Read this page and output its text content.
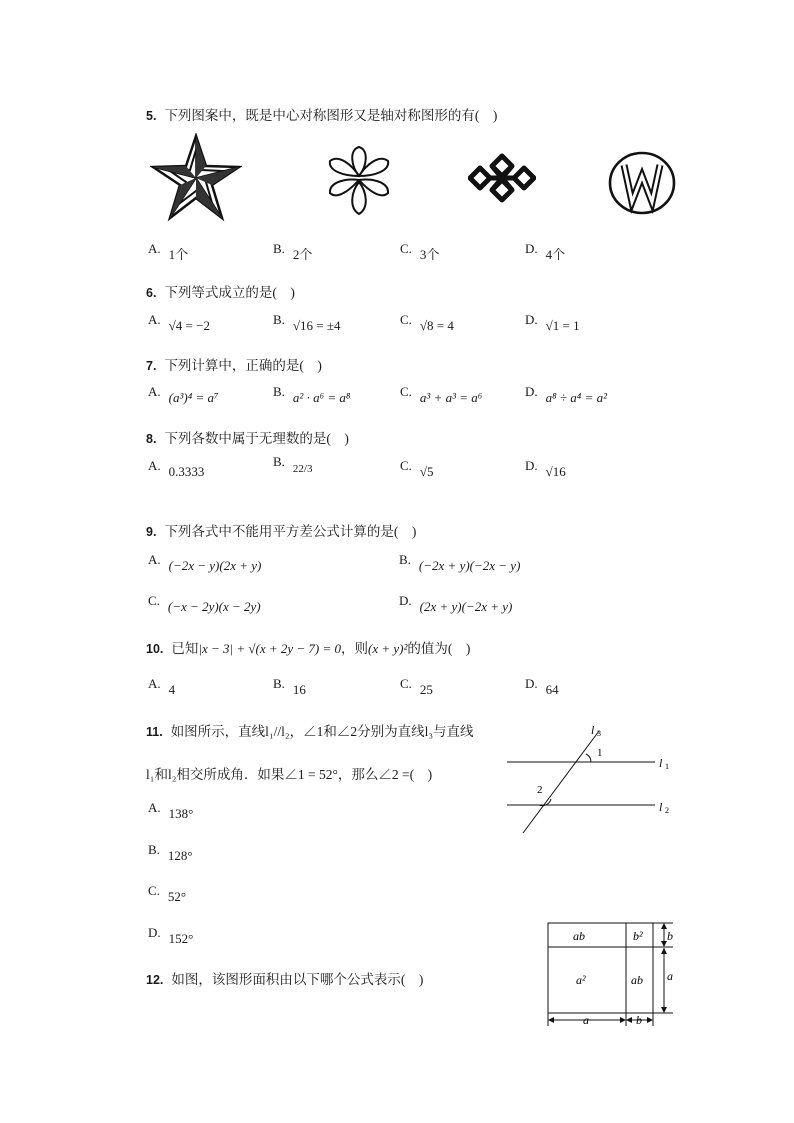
5. 下列图案中，既是中心对称图形又是轴对称图形的有(　)
A. 1个	B. 2个	C. 3个	D. 4个
6. 下列等式成立的是(　)
A. √4 = −2	B. √16 = ±4	C. √8 = 4	D. √1 = 1
7. 下列计算中，正确的是(　)
A. (a³)⁴ = a⁷	B. a² · a⁶ = a⁸	C. a³ + a³ = a⁶	D. a⁸ ÷ a⁴ = a²
8. 下列各数中属于无理数的是(　)
A. 0.3333
B. 22/3	C. √5	D. √16
9. 下列各式中不能用平方差公式计算的是(　)
A. (−2x − y)(2x + y)	B. (−2x + y)(−2x − y)
C. (−x − 2y)(x − 2y)	D. (2x + y)(−2x + y)
10. 已知|x − 3| + √(x + 2y − 7) = 0，则(x + y)²的值为(　)
A. 4	B. 16	C. 25	D. 64
11. 如图所示，直线l₁//l₂，∠1和∠2分别为直线l₃与直线
l₁和l₂相交所成角．如果∠1 = 52°，那么∠2 =(　)
1
2
l 3
l 1
l 2
A. 138°
B. 128°
C. 52°
D. 152°
12. 如图，该图形面积由以下哪个公式表示(　)
ab	b²
a²	ab
b
a
a	b
